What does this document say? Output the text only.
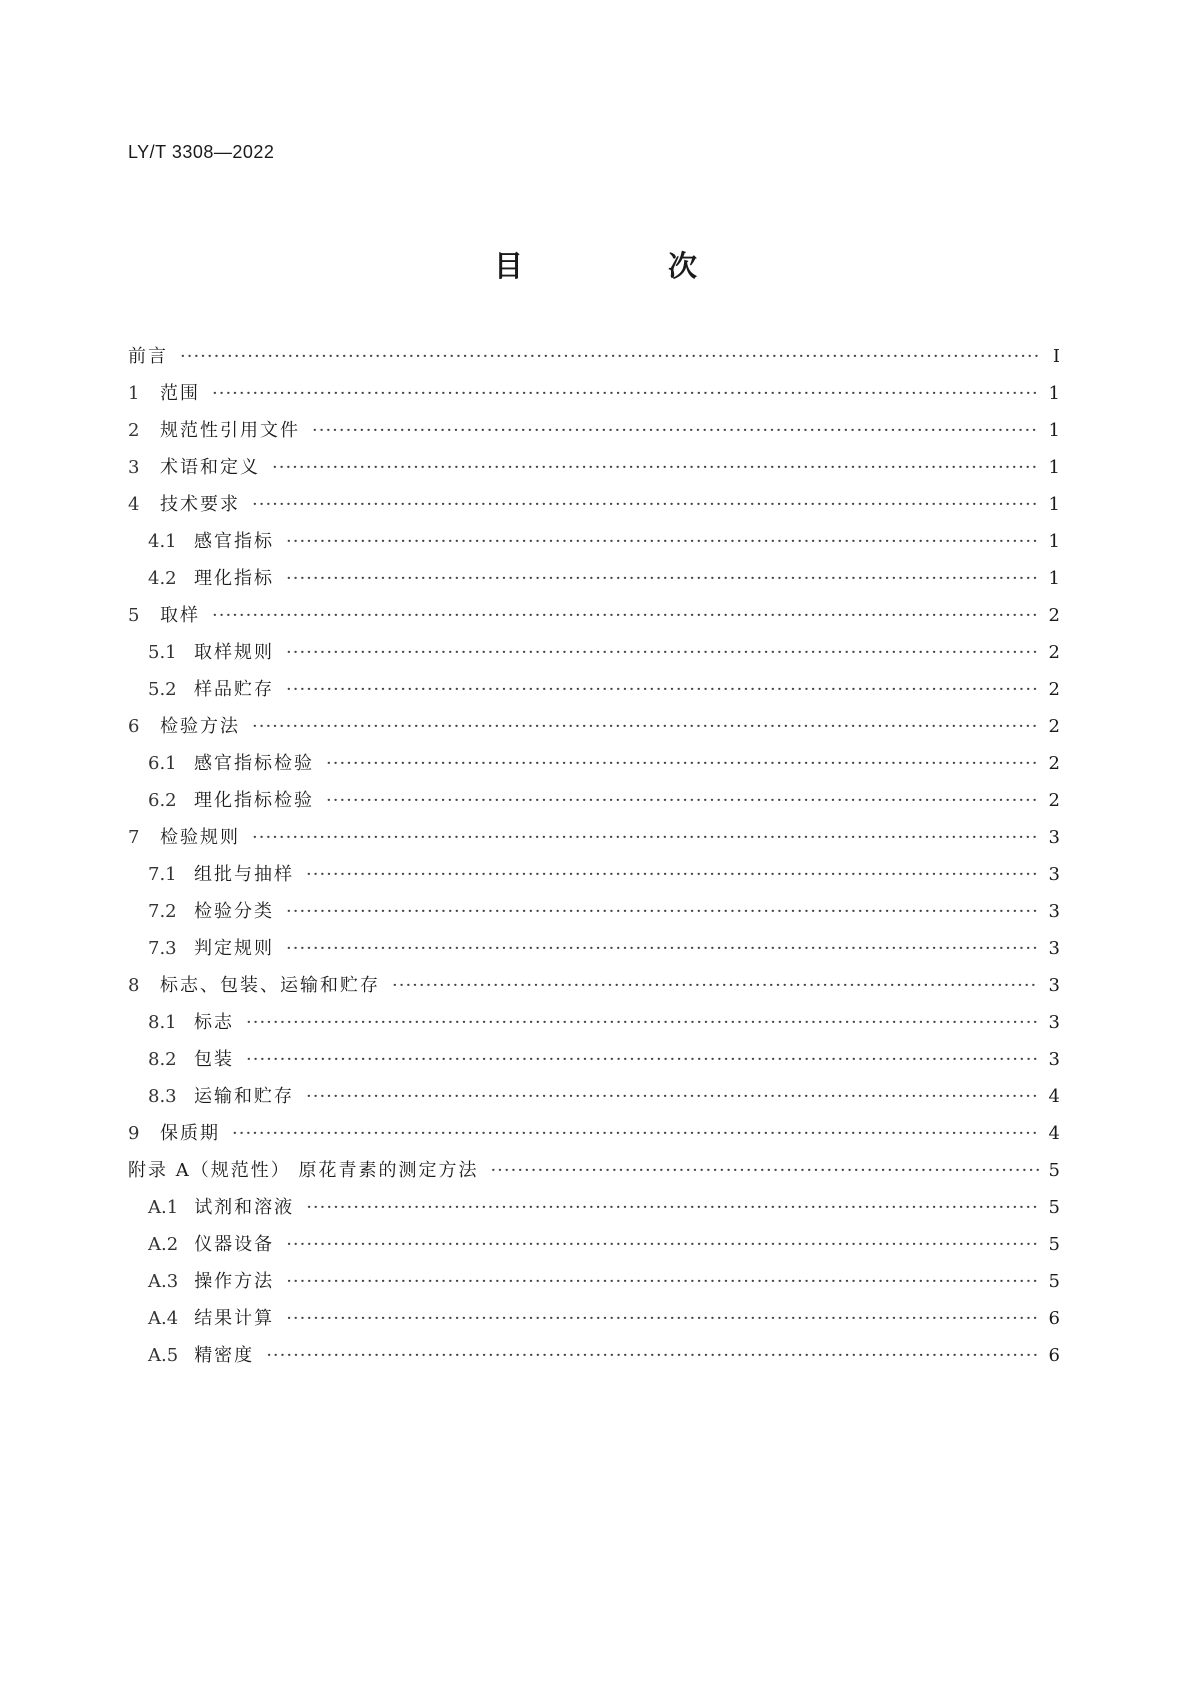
LY/T 3308—2022
目　次
前言 ·····	Ⅰ
1 范围 ·····	1
2 规范性引用文件 ·····	1
3 术语和定义 ·····	1
4 技术要求 ·····	1
4.1 感官指标 ·····	1
4.2 理化指标 ·····	1
5 取样 ·····	2
5.1 取样规则 ·····	2
5.2 样品贮存 ·····	2
6 检验方法 ·····	2
6.1 感官指标检验 ·····	2
6.2 理化指标检验 ·····	2
7 检验规则 ·····	3
7.1 组批与抽样 ·····	3
7.2 检验分类 ·····	3
7.3 判定规则 ·····	3
8 标志、包装、运输和贮存 ·····	3
8.1 标志 ·····	3
8.2 包装 ·····	3
8.3 运输和贮存 ·····	4
9 保质期 ·····	4
附录 A（规范性） 原花青素的测定方法 ·····	5
A.1 试剂和溶液 ·····	5
A.2 仪器设备 ·····	5
A.3 操作方法 ·····	5
A.4 结果计算 ·····	6
A.5 精密度 ·····	6
